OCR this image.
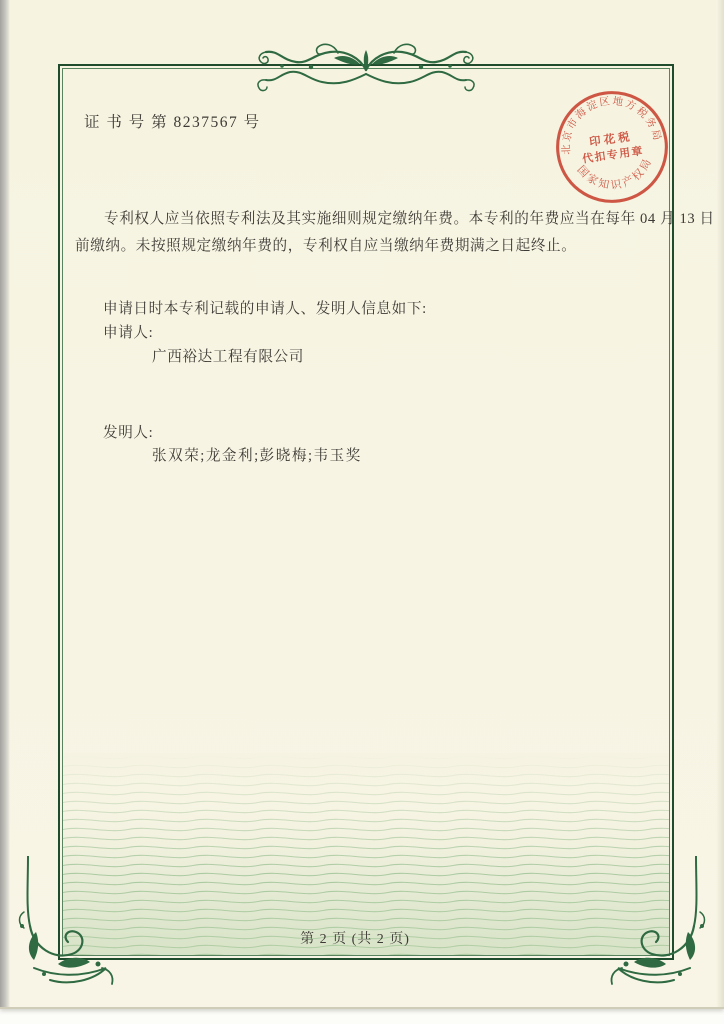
证 书 号 第 8237567 号
专利权人应当依照专利法及其实施细则规定缴纳年费。本专利的年费应当在每年 04 月 13 日
前缴纳。未按照规定缴纳年费的，专利权自应当缴纳年费期满之日起终止。
申请日时本专利记载的申请人、发明人信息如下:
申请人:
广西裕达工程有限公司
发明人:
张双荣;龙金利;彭晓梅;韦玉奖
第 2 页 (共 2 页)
北京市海淀区地方税务局
国家知识产权局
印花税
代扣专用章
